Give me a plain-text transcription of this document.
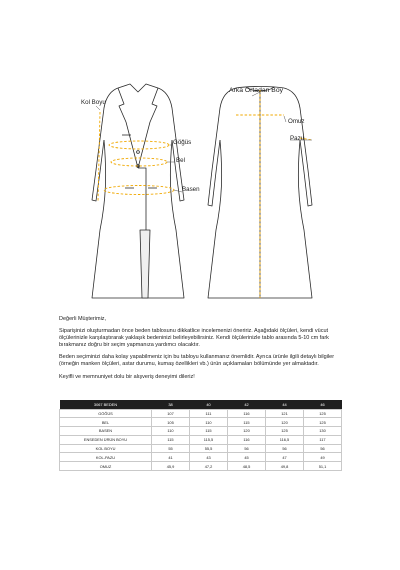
Kol Boyu
Göğüs
Bel
Basen
Arka Ortadan Boy
Omuz
Pazu

Değerli Müşterimiz,

Siparişinizi oluşturmadan önce beden tablosunu dikkatlice incelemenizi öneririz. Aşağıdaki ölçüleri, kendi vücut ölçülerinizle karşılaştırarak yaklaşık bedeninizi belirleyebilirsiniz. Kendi ölçülerinizle tablo arasında 5-10 cm fark bırakmanız doğru bir seçim yapmanıza yardımcı olacaktır.

Beden seçiminizi daha kolay yapabilmeniz için bu tabloyu kullanmanız önemlidir. Ayrıca ürünle ilgili detaylı bilgiler (örneğin manken ölçüleri, astar durumu, kumaş özellikleri vb.) ürün açıklamaları bölümünde yer almaktadır.

Keyifli ve memnuniyet dolu bir alışveriş deneyimi dileriz!

3067 BEDEN	38	40	42	44	46
GÖĞÜS	107	111	116	121	125
BEL	105	110	115	120	125
BASEN	110	115	120	125	130
ENSEDEN ÜRÜN BOYU	115	115,5	116	116,5	117
KOL BOYU	55	55,5	56	56	56
KOL-PAZU	41	43	45	47	49
OMUZ	45,9	47,2	48,5	49,8	51,1
